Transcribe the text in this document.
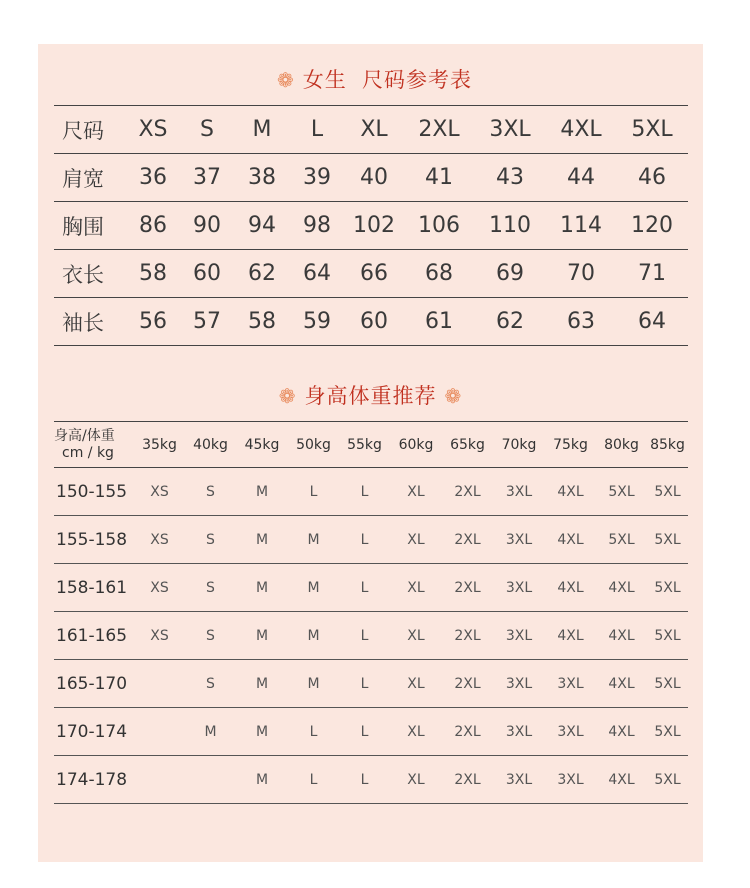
❁ 女生  尺码参考表
尺码	XS	S	M	L	XL	2XL	3XL	4XL	5XL
肩宽	36	37	38	39	40	41	43	44	46
胸围	86	90	94	98	102	106	110	114	120
衣长	58	60	62	64	66	68	69	70	71
袖长	56	57	58	59	60	61	62	63	64
❁ 身高体重推荐 ❁
身高/体重
cm / kg	35kg	40kg	45kg	50kg	55kg	60kg	65kg	70kg	75kg	80kg	85kg	
150-155	XS	S	M	L	L	XL	2XL	3XL	4XL	5XL	5XL	
155-158	XS	S	M	M	L	XL	2XL	3XL	4XL	5XL	5XL	
158-161	XS	S	M	M	L	XL	2XL	3XL	4XL	4XL	5XL	
161-165	XS	S	M	M	L	XL	2XL	3XL	4XL	4XL	5XL	
165-170		S	M	M	L	XL	2XL	3XL	3XL	4XL	5XL	
170-174		M	M	L	L	XL	2XL	3XL	3XL	4XL	5XL	
174-178			M	L	L	XL	2XL	3XL	3XL	4XL	5XL	
